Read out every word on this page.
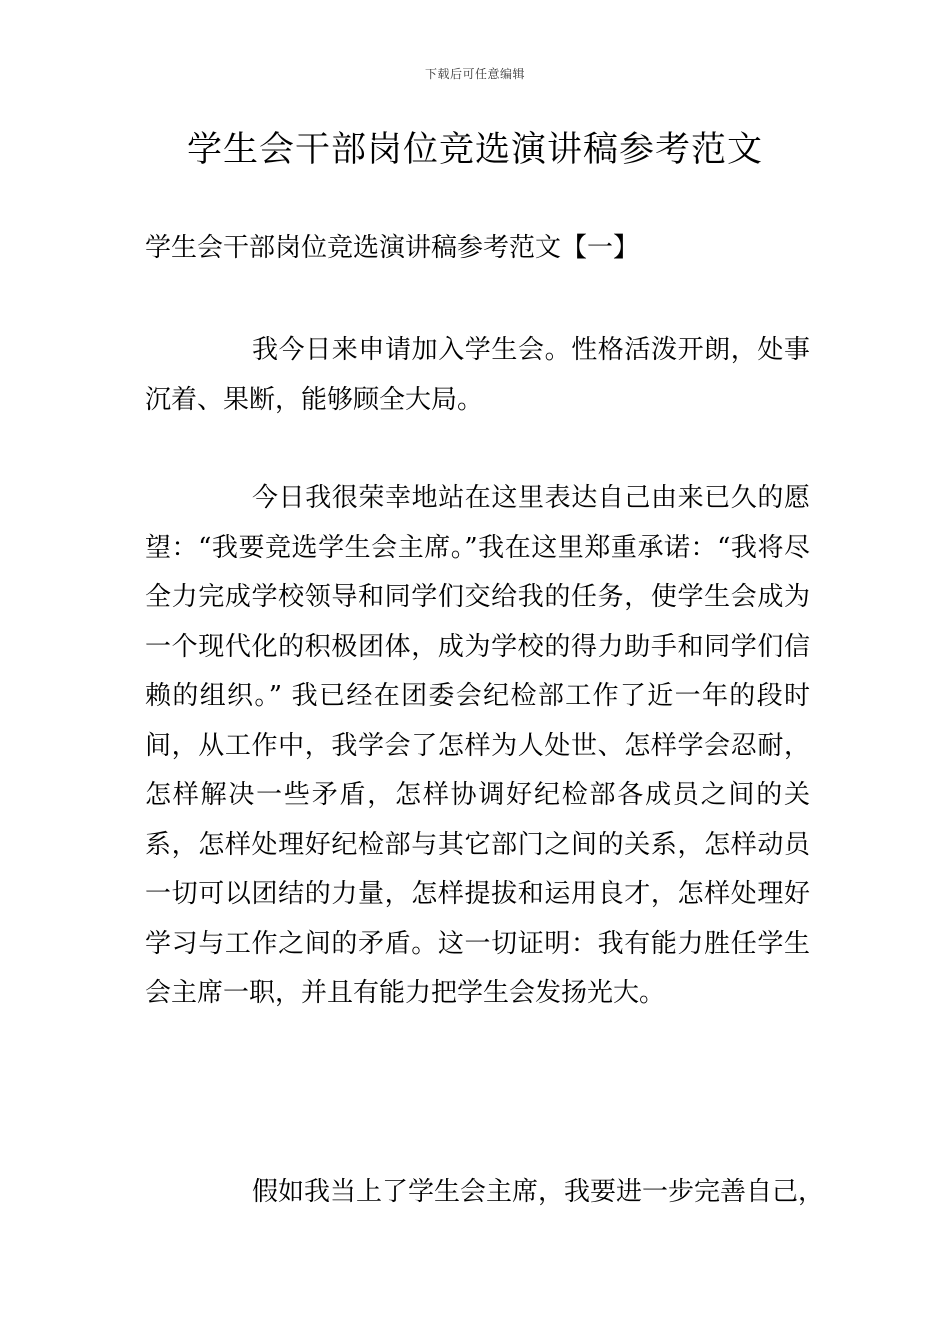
下载后可任意编辑
学生会干部岗位竞选演讲稿参考范文
学生会干部岗位竞选演讲稿参考范文【一】

我今日来申请加入学生会。性格活泼开朗，处事沉着、果断，能够顾全大局。

今日我很荣幸地站在这里表达自己由来已久的愿望：“我要竞选学生会主席。”我在这里郑重承诺：“我将尽全力完成学校领导和同学们交给我的任务，使学生会成为一个现代化的积极团体，成为学校的得力助手和同学们信赖的组织。” 我已经在团委会纪检部工作了近一年的段时间，从工作中，我学会了怎样为人处世、怎样学会忍耐，怎样解决一些矛盾，怎样协调好纪检部各成员之间的关系，怎样处理好纪检部与其它部门之间的关系，怎样动员一切可以团结的力量，怎样提拔和运用良才，怎样处理好学习与工作之间的矛盾。这一切证明：我有能力胜任学生会主席一职，并且有能力把学生会发扬光大。

假如我当上了学生会主席，我要进一步完善自己，
